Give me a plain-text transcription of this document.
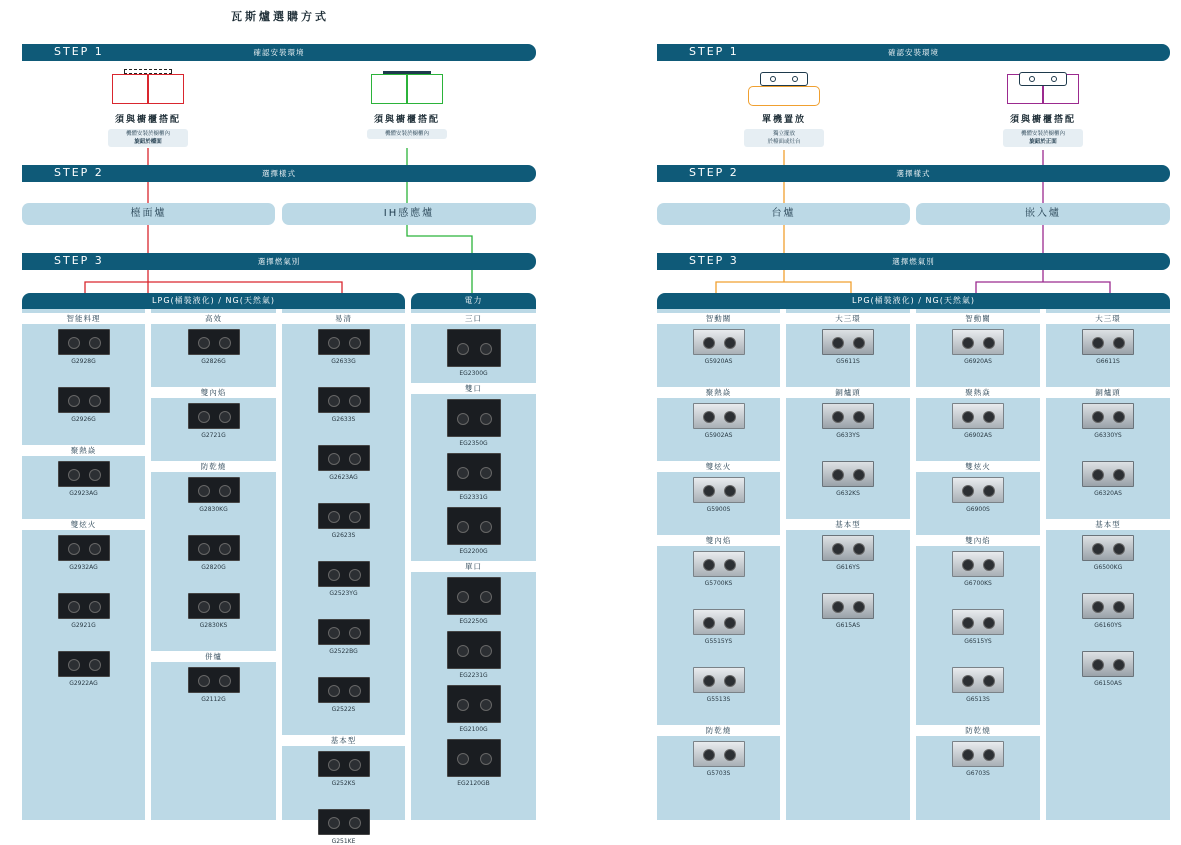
瓦斯爐選購方式
STEP 1	確認安裝環境
STEP 2	選擇樣式
STEP 3	選擇燃氣別
須與櫥櫃搭配
機體安裝於櫥櫃內
旋鈕於檯面
須與櫥櫃搭配
機體安裝於櫥櫃內
檯面爐	IH感應爐
LPG(桶裝液化) / NG(天然氣)	電力
智能料理
G2928G
G2926G
聚熱焱
G2923AG
雙炫火
G2932AG
G2921G
G2922AG
高效
G2826G
雙內焰
G2721G
防乾燒
G2830KG
G2820G
G2830KS
併爐
G2112G
易清
G2633G
G2633S
G2623AG
G2623S
G2523YG
G2522BG
G2522S
基本型
G252KS
G251KE
三口
EG2300G
雙口
EG2350G
EG2331G
EG2200G
單口
EG2250G
EG2231G
EG2100G
EG2120GB
STEP 1	確認安裝環境
STEP 2	選擇樣式
STEP 3	選擇燃氣別
單機置放
獨立擺放
於檯面或灶台
須與櫥櫃搭配
機體安裝於櫥櫃內
旋鈕於正面
台爐	嵌入爐
LPG(桶裝液化) / NG(天然氣)
智動關
G5920AS
聚熱焱
G5902AS
雙炫火
G5900S
雙內焰
G5700KS
G5515YS
G5513S
防乾燒
G5703S
大三環
G5611S
銅爐頭
G633YS
G632KS
基本型
G616YS
G615AS
智動關
G6920AS
聚熱焱
G6902AS
雙炫火
G6900S
雙內焰
G6700KS
G6515YS
G6513S
防乾燒
G6703S
大三環
G6611S
銅爐頭
G6330YS
G6320AS
基本型
G6500KG
G6160YS
G6150AS
